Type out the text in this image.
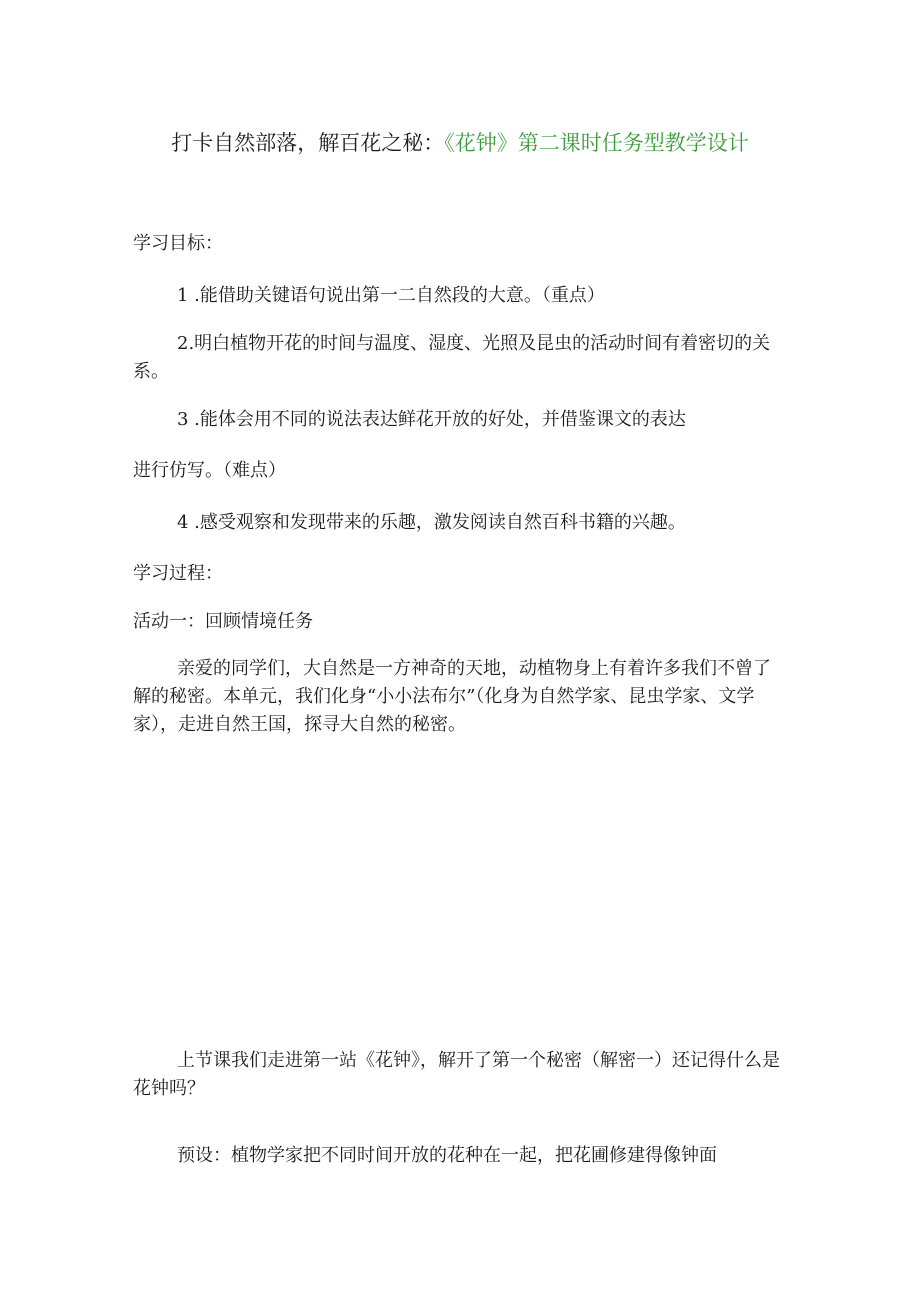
打卡自然部落，解百花之秘：《花钟》第二课时任务型教学设计
学习目标：
1 .能借助关键语句说出第一二自然段的大意。（重点）
2.明白植物开花的时间与温度、湿度、光照及昆虫的活动时间有着密切的关系。
3 .能体会用不同的说法表达鲜花开放的好处，并借鉴课文的表达
进行仿写。（难点）
4 .感受观察和发现带来的乐趣，激发阅读自然百科书籍的兴趣。
学习过程：
活动一：回顾情境任务
亲爱的同学们，大自然是一方神奇的天地，动植物身上有着许多我们不曾了解的秘密。本单元，我们化身“小小法布尔”（化身为自然学家、昆虫学家、文学家），走进自然王国，探寻大自然的秘密。
上节课我们走进第一站《花钟》，解开了第一个秘密（解密一）还记得什么是花钟吗？
预设：植物学家把不同时间开放的花种在一起，把花圃修建得像钟面
